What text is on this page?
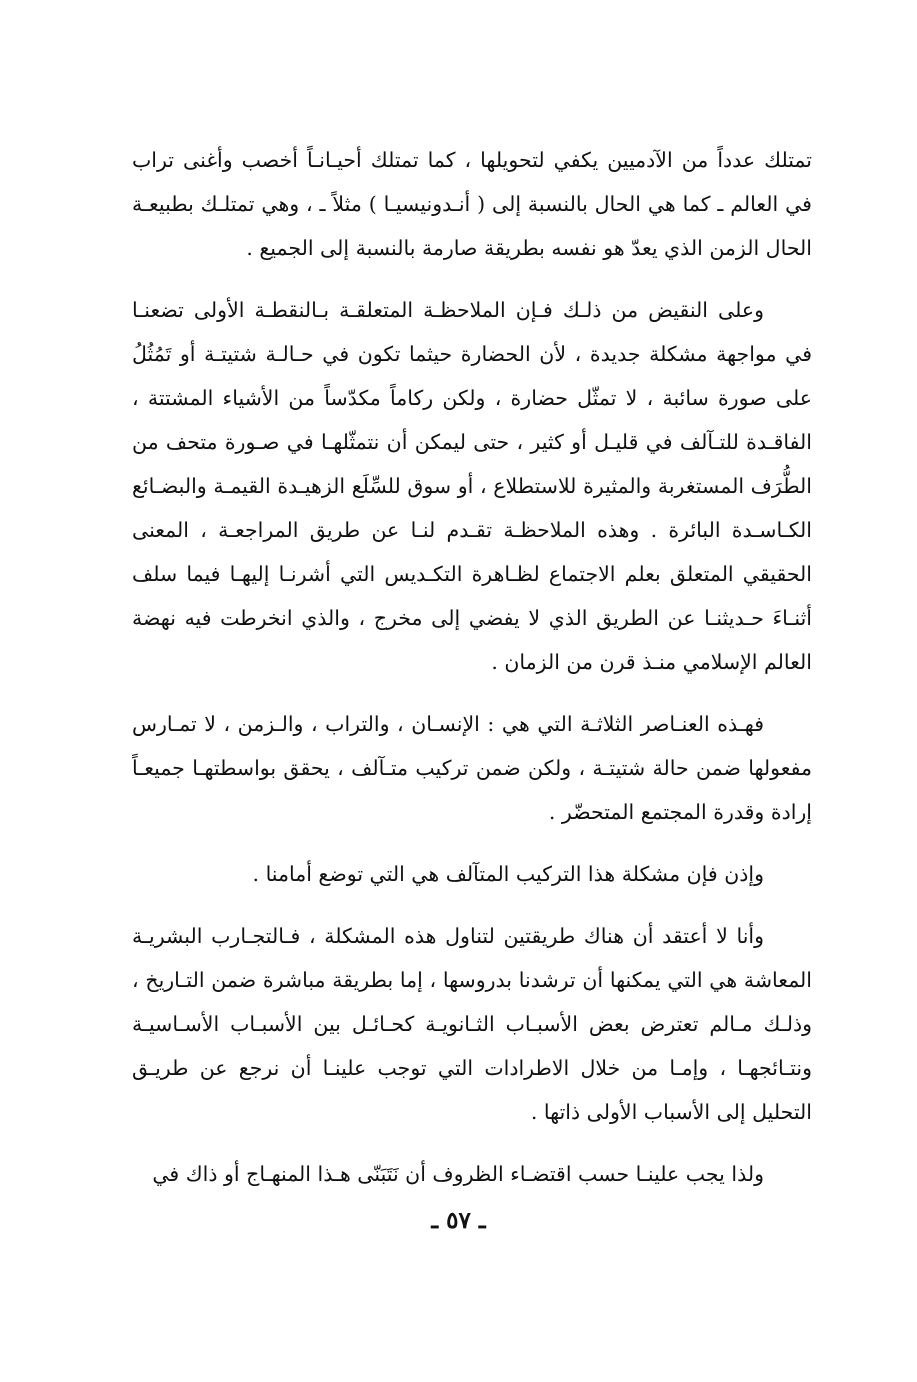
تمتلك عدداً من الآدميين يكفي لتحويلها ، كما تمتلك أحيـانـاً أخصب وأغنى تراب في العالم ـ كما هي الحال بالنسبة إلى ( أنـدونيسيـا ) مثلاً ـ ، وهي تمتلـك بطبيعـة الحال الزمن الذي يعدّ هو نفسه بطريقة صارمة بالنسبة إلى الجميع .

وعلى النقيض من ذلـك فـإن الملاحظـة المتعلقـة بـالنقطـة الأولى تضعنـا في مواجهة مشكلة جديدة ، لأن الحضارة حيثما تكون في حـالـة شتيتـة أو تَمُثُلُ على صورة سائبة ، لا تمثّل حضارة ، ولكن ركاماً مكدّساً من الأشياء المشتتة ، الفاقـدة للتـآلف في قليـل أو كثير ، حتى ليمكن أن نتمثّلهـا في صـورة متحف من الطُّرَف المستغربة والمثيرة للاستطلاع ، أو سوق للسِّلَع الزهيـدة القيمـة والبضـائع الكـاسـدة البائرة . وهذه الملاحظـة تقـدم لنـا عن طريق المراجعـة ، المعنى الحقيقي المتعلق بعلم الاجتماع لظـاهرة التكـديس التي أشرنـا إليهـا فيما سلف أثنـاءَ حـديثنـا عن الطريق الذي لا يفضي إلى مخرج ، والذي انخرطت فيه نهضة العالم الإسلامي منـذ قرن من الزمان .

فهـذه العنـاصر الثلاثـة التي هي : الإنسـان ، والتراب ، والـزمن ، لا تمـارس مفعولها ضمن حالة شتيتـة ، ولكن ضمن تركيب متـآلف ، يحقق بواسطتهـا جميعـاً إرادة وقدرة المجتمع المتحضّر .

وإذن فإن مشكلة هذا التركيب المتآلف هي التي توضع أمامنا .

وأنا لا أعتقد أن هناك طريقتين لتناول هذه المشكلة ، فـالتجـارب البشريـة المعاشة هي التي يمكنها أن ترشدنا بدروسها ، إما بطريقة مباشرة ضمن التـاريخ ، وذلـك مـالم تعترض بعض الأسبـاب الثـانويـة كحـائـل بين الأسبـاب الأسـاسيـة ونتـائجهـا ، وإمـا من خلال الاطرادات التي توجب علينـا أن نرجع عن طريـق التحليل إلى الأسباب الأولى ذاتها .

ولذا يجب علينـا حسب اقتضـاء الظروف أن نَتَبَنّى هـذا المنهـاج أو ذاك في

ـ ٥٧ ـ
